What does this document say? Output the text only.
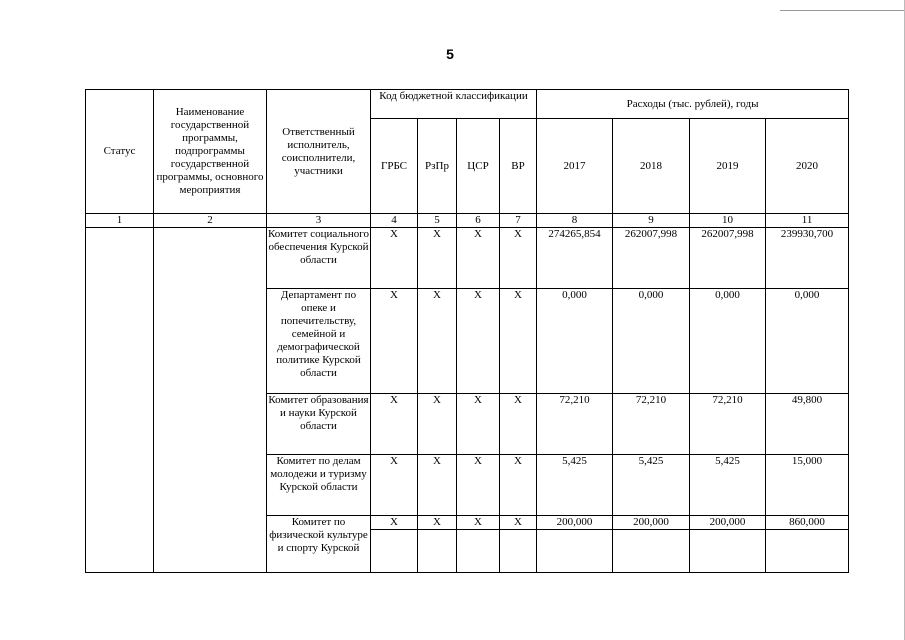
5
Статус	Наименование государственной программы, подпрограммы государственной программы, основного мероприятия	Ответственный исполнитель, соисполнители, участники	Код бюджетной классификации				Расходы (тыс. рублей), годы			
			ГРБС	РзПр	ЦСР	ВР	2017	2018	2019	2020
1	2	3	4	5	6	7	8	9	10	11
		Комитет социального обеспечения Курской области	X	X	X	X	274265,854	262007,998	262007,998	239930,700
		Департамент по опеке и попечительству, семейной и демографической политике Курской области	X	X	X	X	0,000	0,000	0,000	0,000
		Комитет образования и науки Курской области	X	X	X	X	72,210	72,210	72,210	49,800
		Комитет по делам молодежи и туризму Курской области	X	X	X	X	5,425	5,425	5,425	15,000
		Комитет по физической культуре и спорту Курской	X	X	X	X	200,000	200,000	200,000	860,000
